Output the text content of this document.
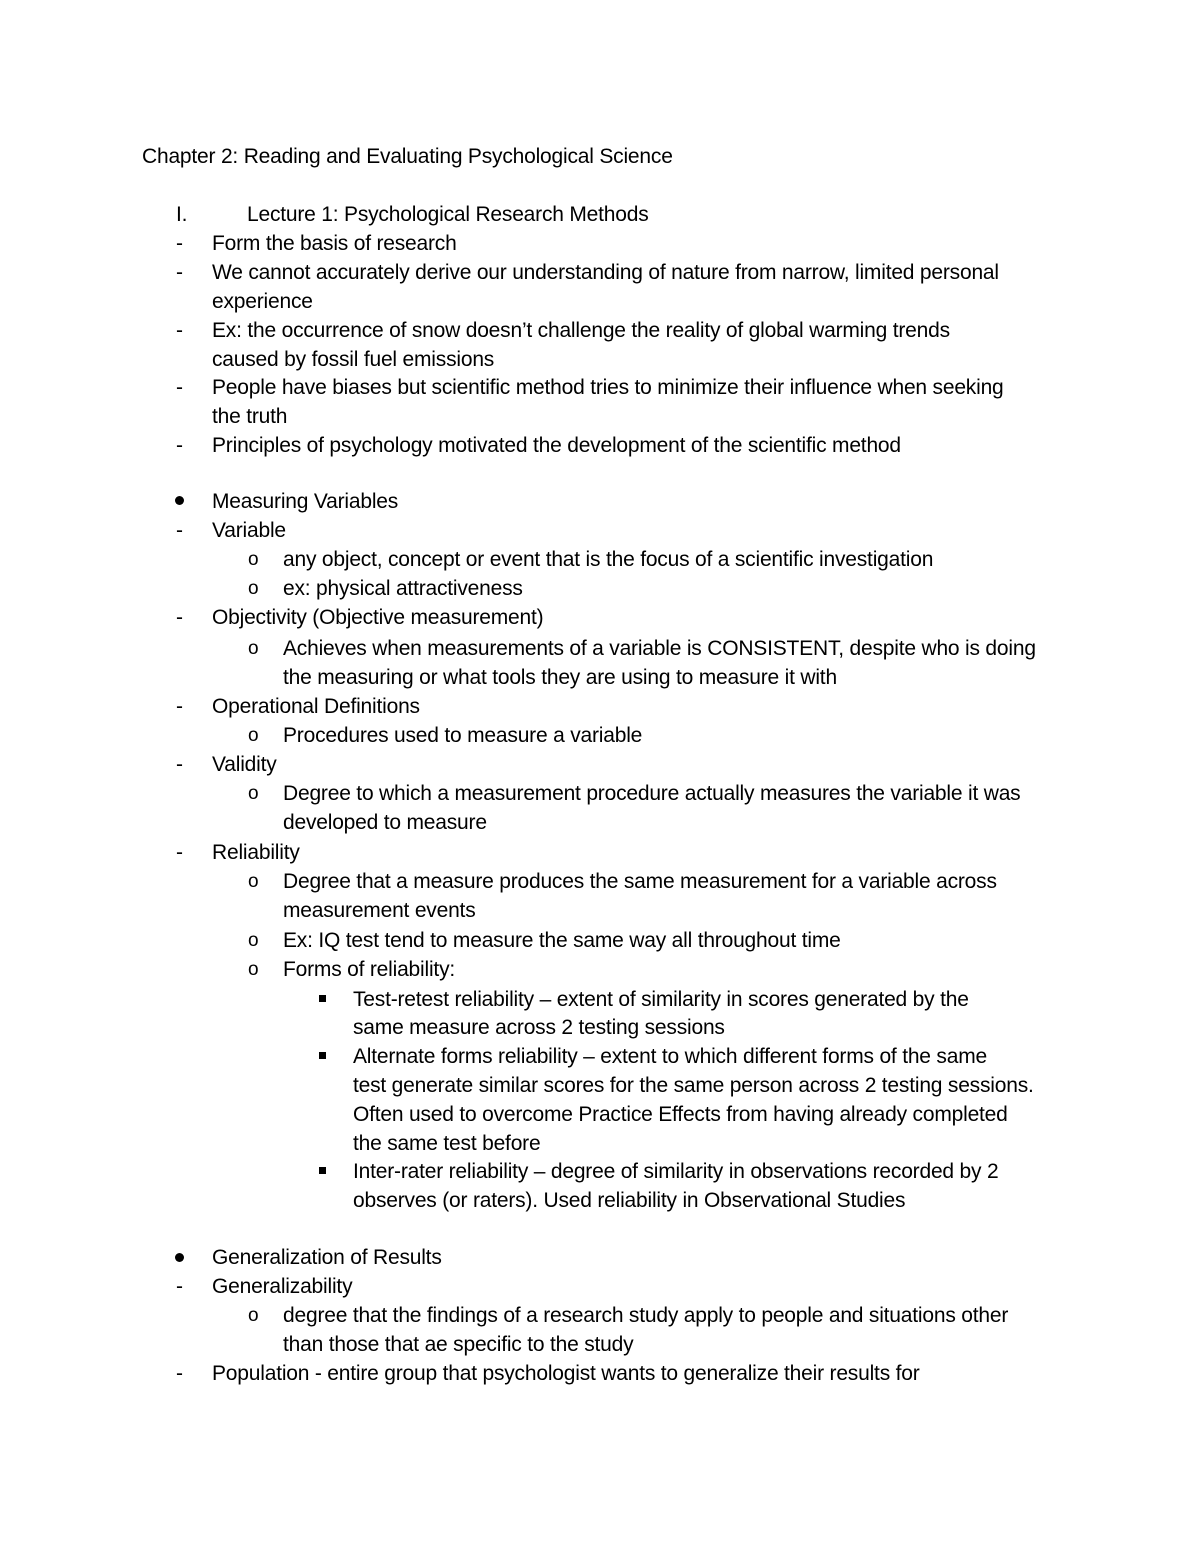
Chapter 2: Reading and Evaluating Psychological Science
I.	Lecture 1: Psychological Research Methods
- Form the basis of research
- We cannot accurately derive our understanding of nature from narrow, limited personal
experience
- Ex: the occurrence of snow doesn’t challenge the reality of global warming trends
caused by fossil fuel emissions
- People have biases but scientific method tries to minimize their influence when seeking
the truth
- Principles of psychology motivated the development of the scientific method
Measuring Variables
- Variable
o any object, concept or event that is the focus of a scientific investigation
o ex: physical attractiveness
- Objectivity (Objective measurement)
o Achieves when measurements of a variable is CONSISTENT, despite who is doing
the measuring or what tools they are using to measure it with
- Operational Definitions
o Procedures used to measure a variable
- Validity
o Degree to which a measurement procedure actually measures the variable it was
developed to measure
- Reliability
o Degree that a measure produces the same measurement for a variable across
measurement events
o Ex: IQ test tend to measure the same way all throughout time
o Forms of reliability:
Test-retest reliability – extent of similarity in scores generated by the
same measure across 2 testing sessions
Alternate forms reliability – extent to which different forms of the same
test generate similar scores for the same person across 2 testing sessions.
Often used to overcome Practice Effects from having already completed
the same test before
Inter-rater reliability – degree of similarity in observations recorded by 2
observes (or raters). Used reliability in Observational Studies
Generalization of Results
- Generalizability
o degree that the findings of a research study apply to people and situations other
than those that ae specific to the study
- Population - entire group that psychologist wants to generalize their results for
